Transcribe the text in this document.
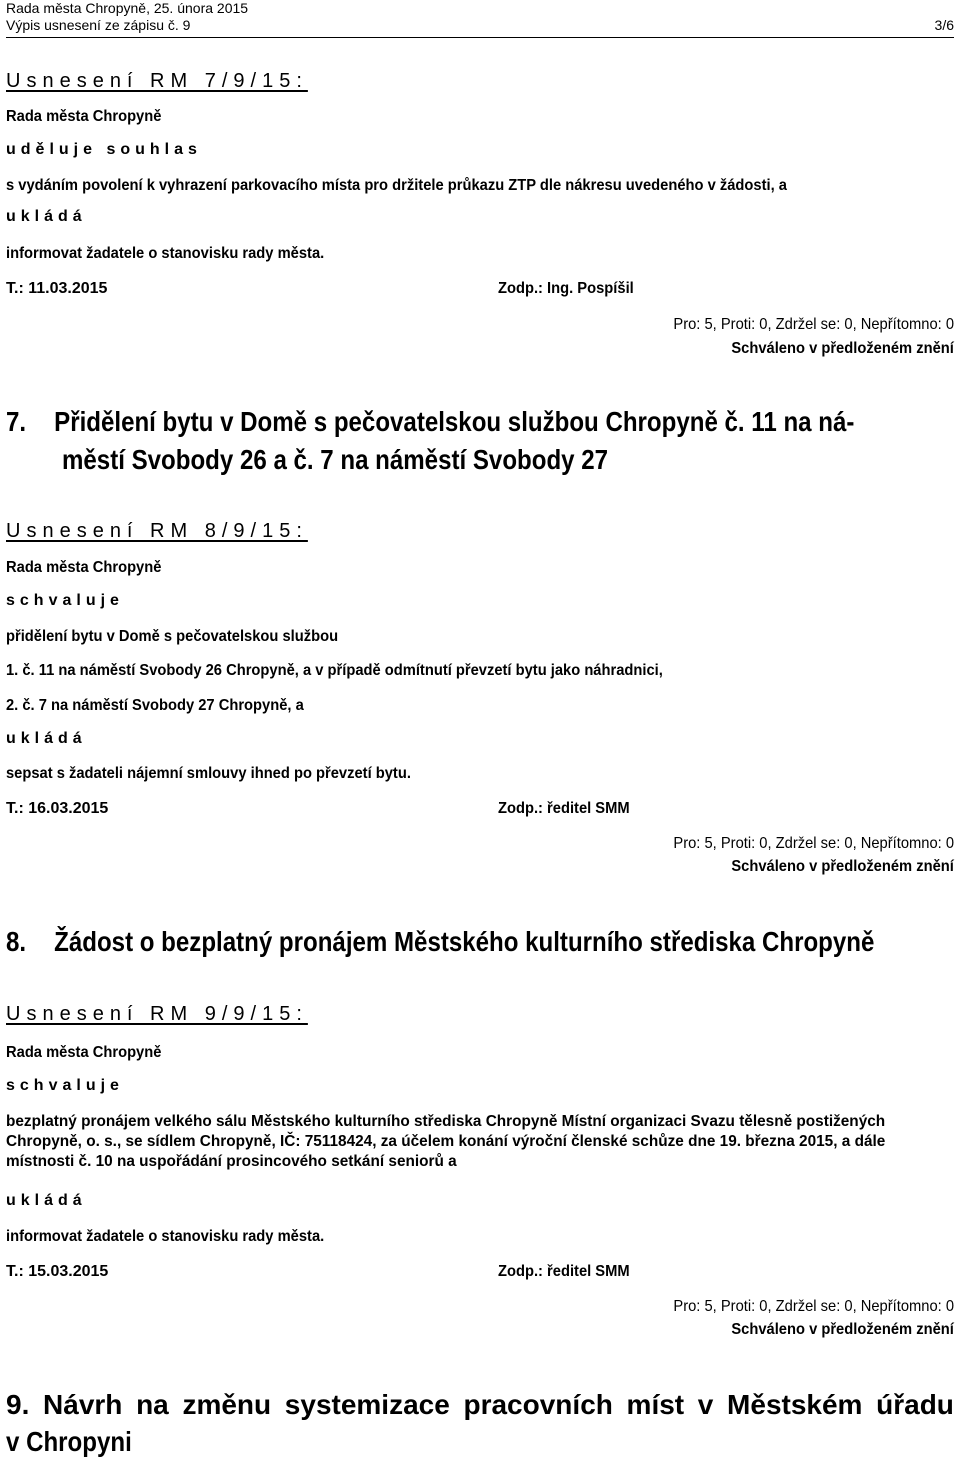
Rada města Chropyně, 25. února 2015
Výpis usnesení ze zápisu č. 9	3/6
Usnesení RM 7/9/15:
Rada města Chropyně
uděluje souhlas
s vydáním povolení k vyhrazení parkovacího místa pro držitele průkazu ZTP dle nákresu uvedeného v žádosti, a
ukládá
informovat žadatele o stanovisku rady města.
T.: 11.03.2015	Zodp.: Ing. Pospíšil
Pro: 5, Proti: 0, Zdržel se: 0, Nepřítomno: 0
Schváleno v předloženém znění
7. Přidělení bytu v Domě s pečovatelskou službou Chropyně č. 11 na ná-
městí Svobody 26 a č. 7 na náměstí Svobody 27
Usnesení RM 8/9/15:
Rada města Chropyně
schvaluje
přidělení bytu v Domě s pečovatelskou službou
1. č. 11 na náměstí Svobody 26 Chropyně, a v případě odmítnutí převzetí bytu jako náhradnici,
2. č. 7 na náměstí Svobody 27 Chropyně, a
ukládá
sepsat s žadateli nájemní smlouvy ihned po převzetí bytu.
T.: 16.03.2015	Zodp.: ředitel SMM
Pro: 5, Proti: 0, Zdržel se: 0, Nepřítomno: 0
Schváleno v předloženém znění
8. Žádost o bezplatný pronájem Městského kulturního střediska Chropyně
Usnesení RM 9/9/15:
Rada města Chropyně
schvaluje
bezplatný pronájem velkého sálu Městského kulturního střediska Chropyně Místní organizaci Svazu tělesně postižených Chropyně, o. s., se sídlem Chropyně, IČ: 75118424, za účelem konání výroční členské schůze dne 19. března 2015, a dále místnosti č. 10 na uspořádání prosincového setkání seniorů a
ukládá
informovat žadatele o stanovisku rady města.
T.: 15.03.2015	Zodp.: ředitel SMM
Pro: 5, Proti: 0, Zdržel se: 0, Nepřítomno: 0
Schváleno v předloženém znění
9. Návrh na změnu systemizace pracovních míst v Městském úřadu
v Chropyni
